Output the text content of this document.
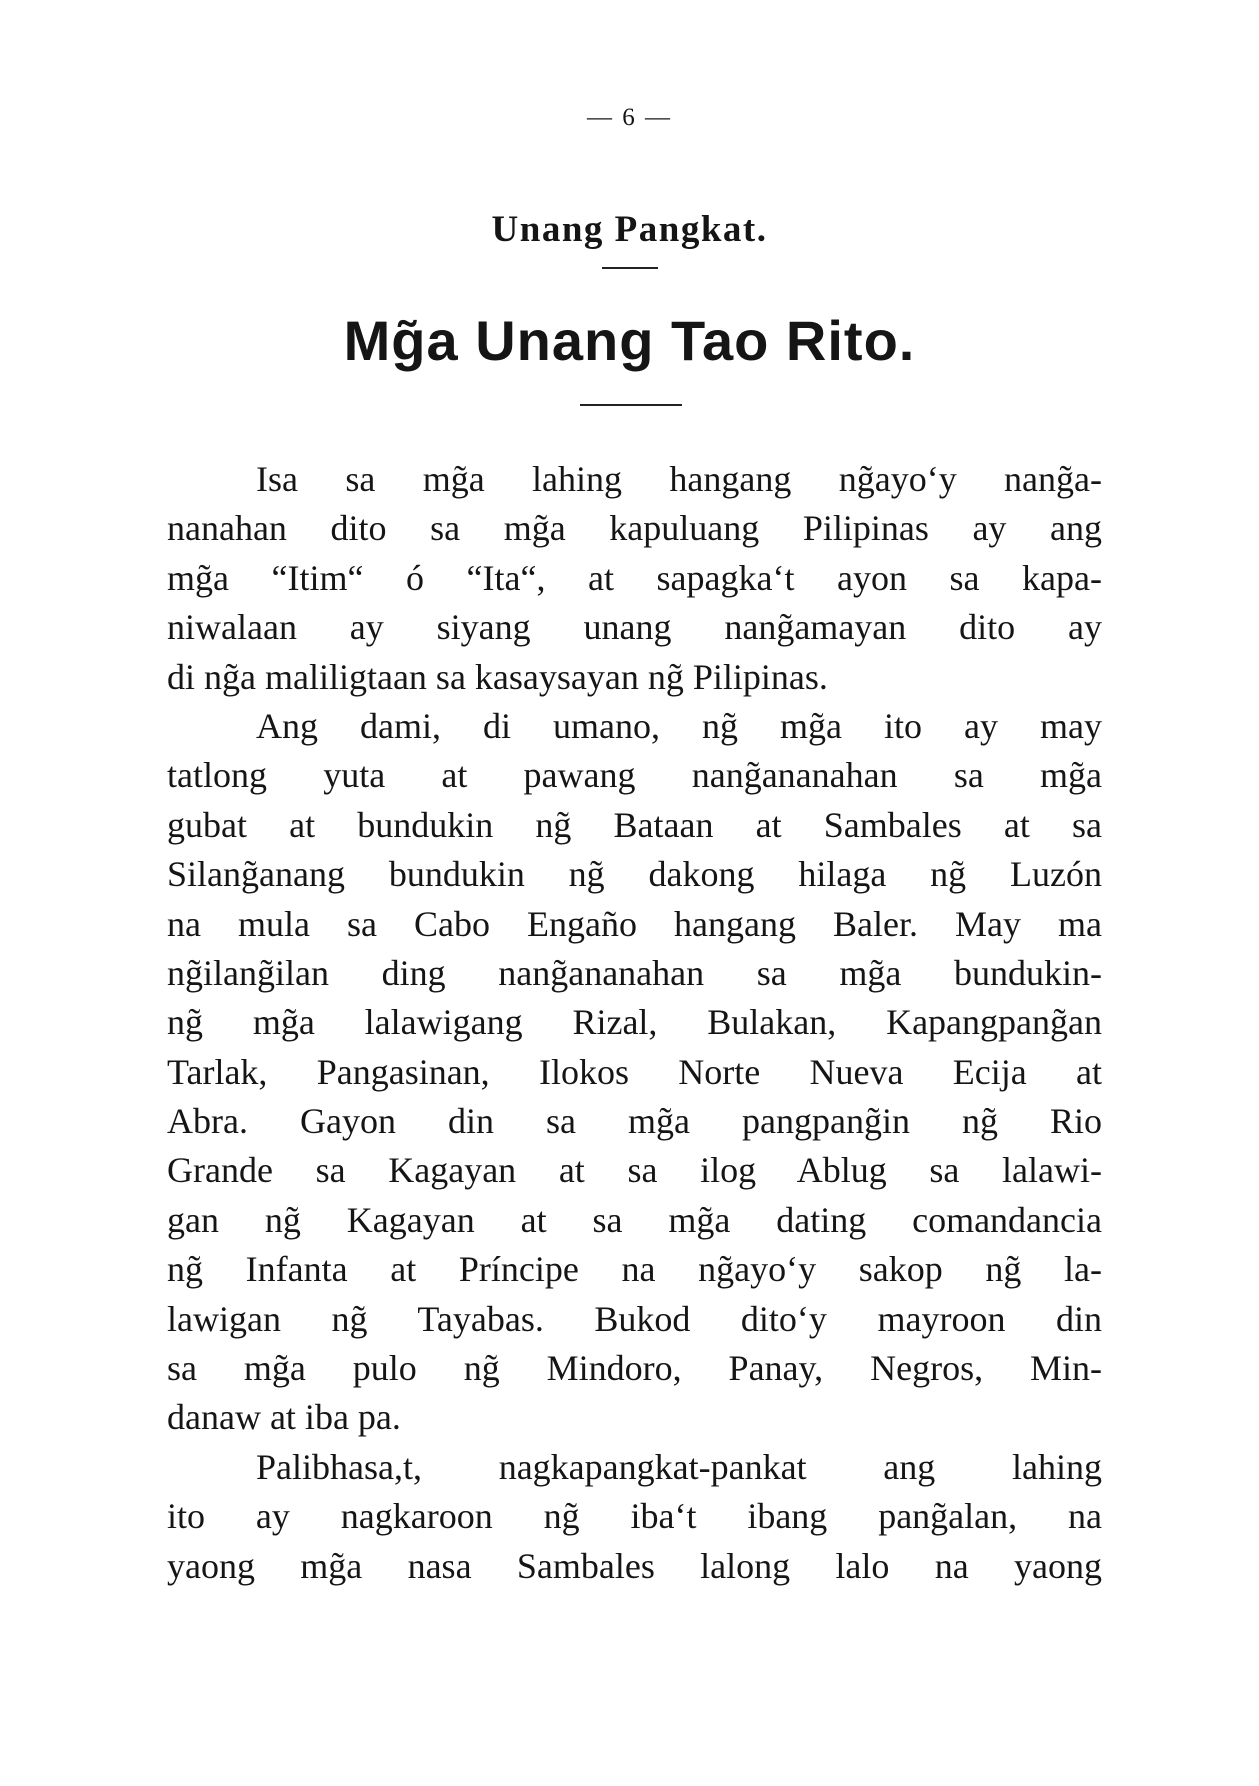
— 6 —
Unang Pangkat.
Mg̃a Unang Tao Rito.
Isa sa mg̃a lahing hangang ng̃ayo‘y nang̃a-
nanahan dito sa mg̃a kapuluang Pilipinas ay ang
mg̃a “Itim“ ó “Ita“, at sapagka‘t ayon sa kapa-
niwalaan ay siyang unang nang̃amayan dito ay
di ng̃a maliligtaan sa kasaysayan ng̃ Pilipinas.
Ang dami, di umano, ng̃ mg̃a ito ay may
tatlong yuta at pawang nang̃ananahan sa mg̃a
gubat at bundukin ng̃ Bataan at Sambales at sa
Silang̃anang bundukin ng̃ dakong hilaga ng̃ Luzón
na mula sa Cabo Engaño hangang Baler. May ma
ng̃ilang̃ilan ding nang̃ananahan sa mg̃a bundukin-
ng̃ mg̃a lalawigang Rizal, Bulakan, Kapangpang̃an
Tarlak, Pangasinan, Ilokos Norte Nueva Ecija at
Abra. Gayon din sa mg̃a pangpang̃in ng̃ Rio
Grande sa Kagayan at sa ilog Ablug sa lalawi-
gan ng̃ Kagayan at sa mg̃a dating comandancia
ng̃ Infanta at Príncipe na ng̃ayo‘y sakop ng̃ la-
lawigan ng̃ Tayabas. Bukod dito‘y mayroon din
sa mg̃a pulo ng̃ Mindoro, Panay, Negros, Min-
danaw at iba pa.
Palibhasa,t, nagkapangkat-pankat ang lahing
ito ay nagkaroon ng̃ iba‘t ibang pang̃alan, na
yaong mg̃a nasa Sambales lalong lalo na yaong
